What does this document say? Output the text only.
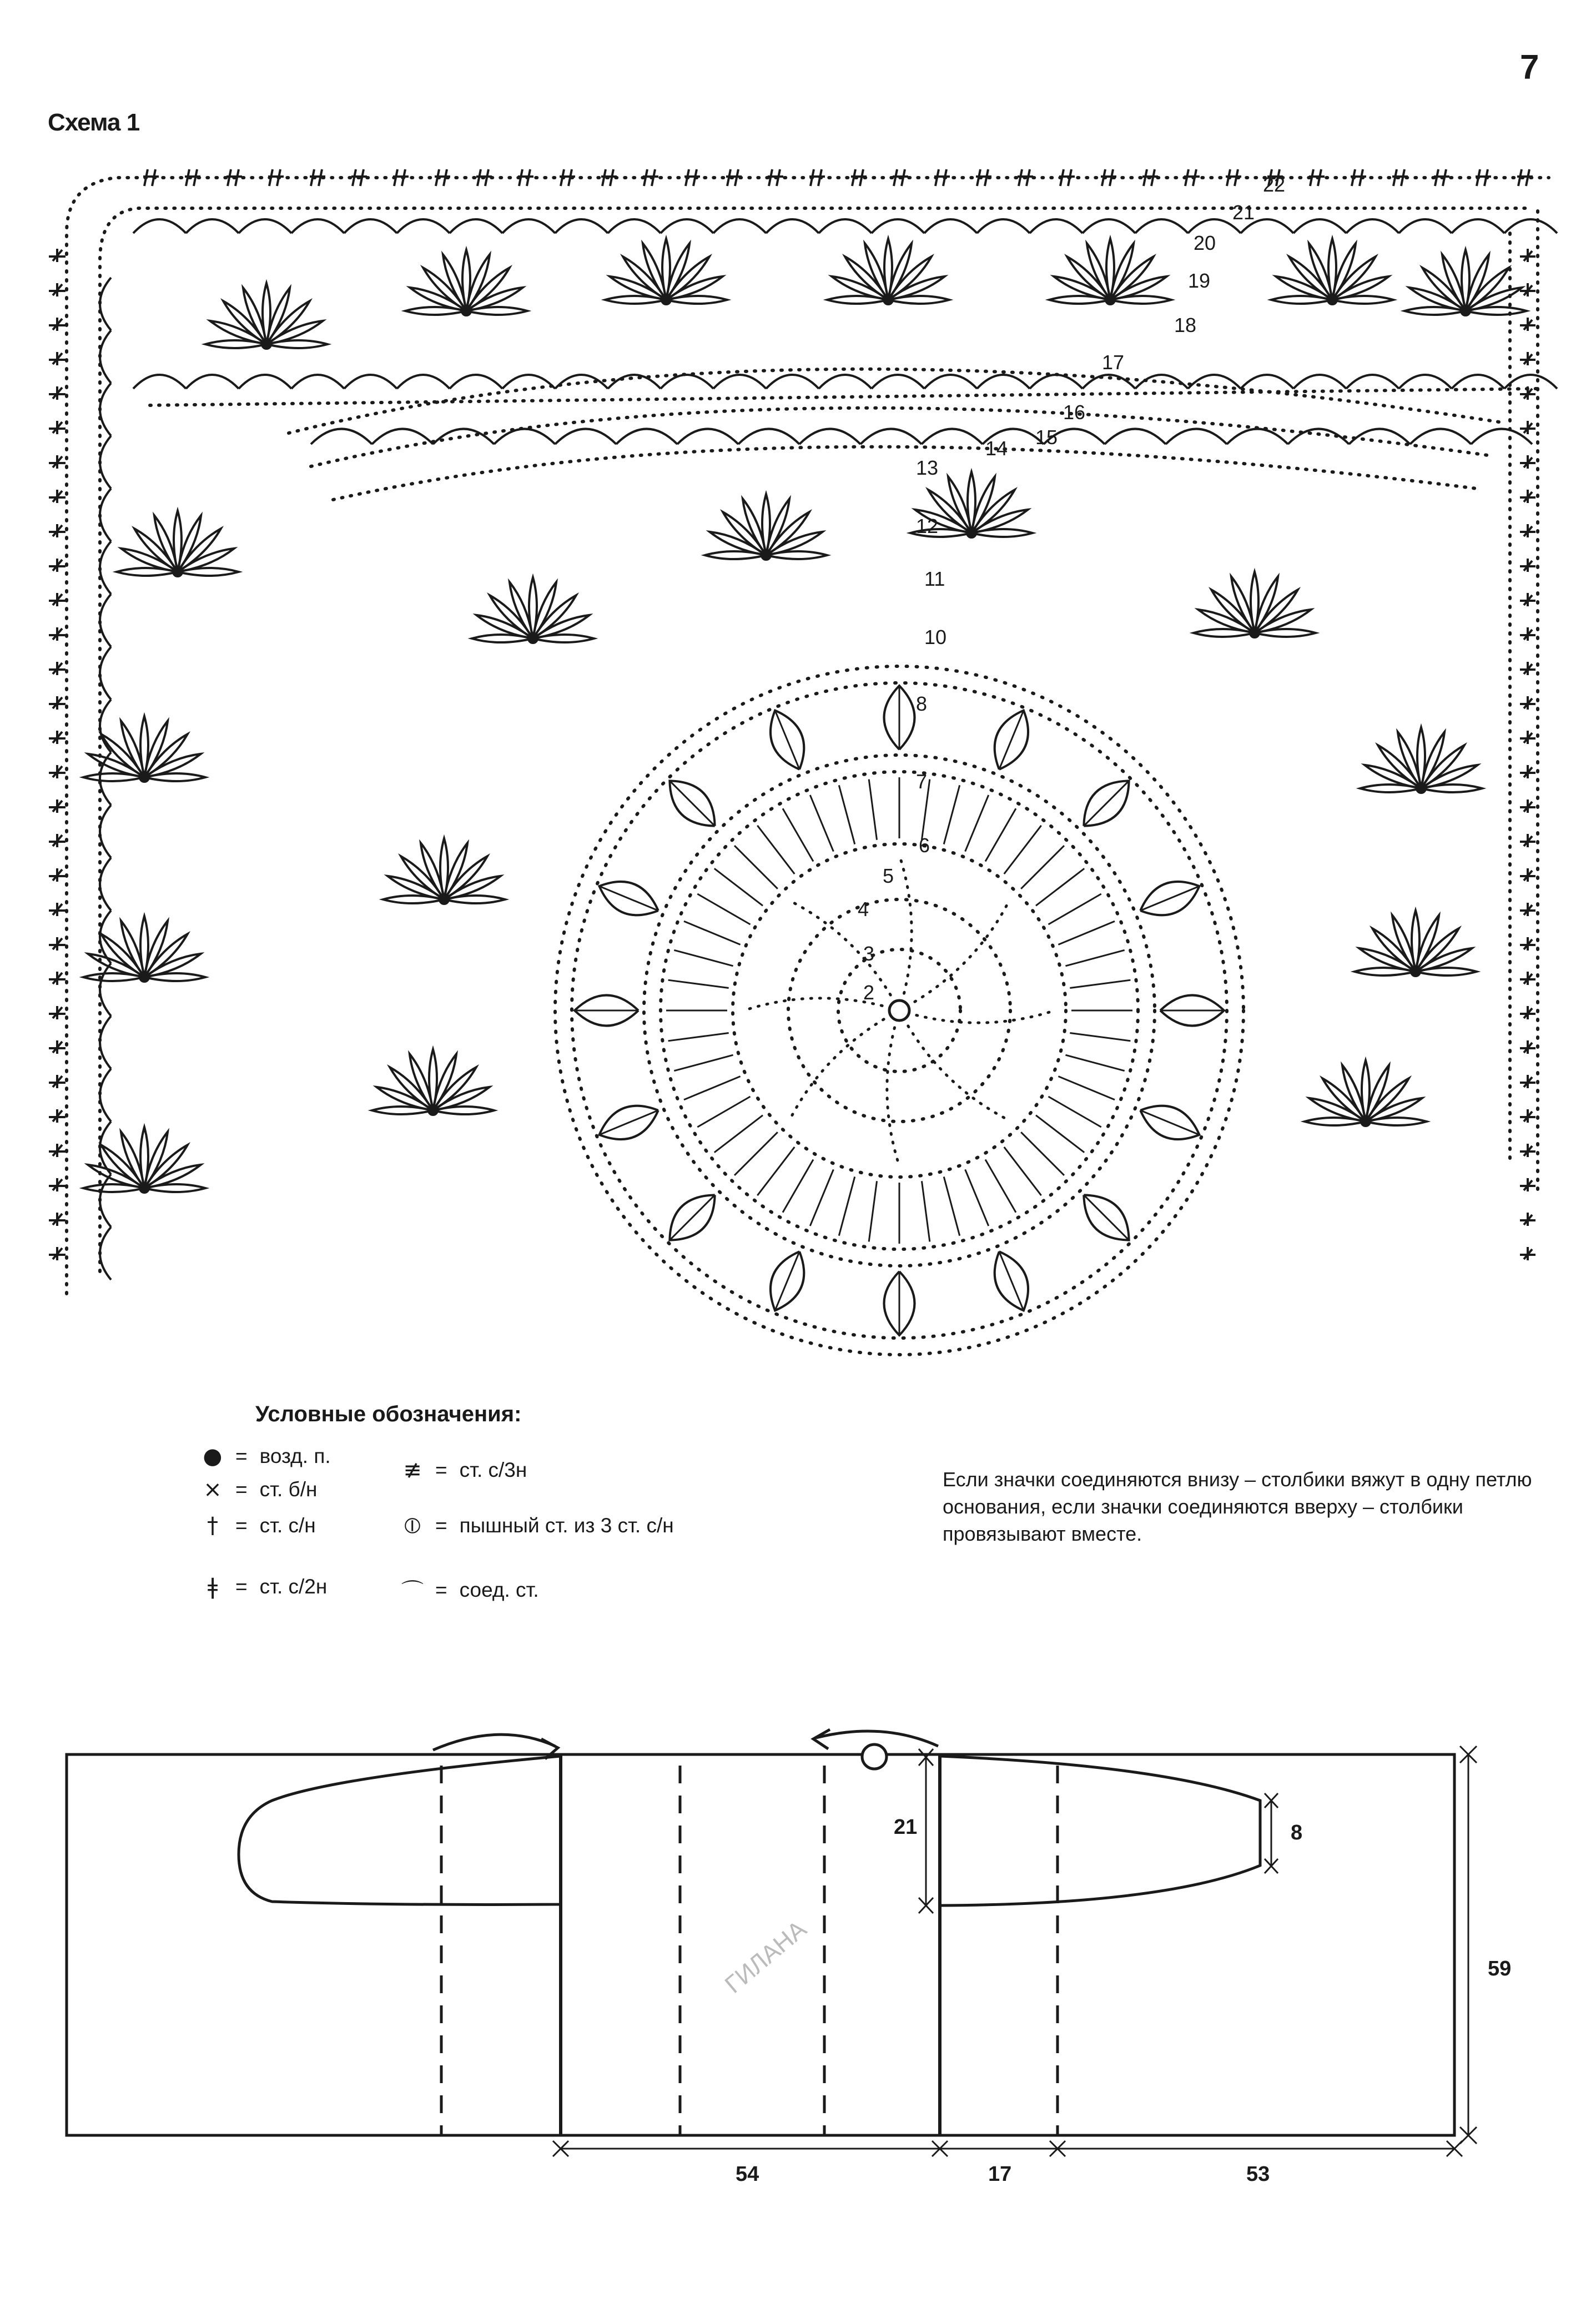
7
Схема 1
2
3
4
5
6
7
8
10
11
12
13
14 15
16
17
18
19
20
21
22
Условные обозначения:
● = возд. п.
× = ст. б/н
† = ст. с/н
ǂ = ст. с/2н
≢ = ст. с/3н
⦶ = пышный ст. из 3 ст. с/н
⌒ = соед. ст.
Если значки соединяются внизу – столбики вяжут в одну петлю основания, если значки соединяются вверху – столбики провязывают вместе.
ГИЛАНА
21	8
59
54	17	53
